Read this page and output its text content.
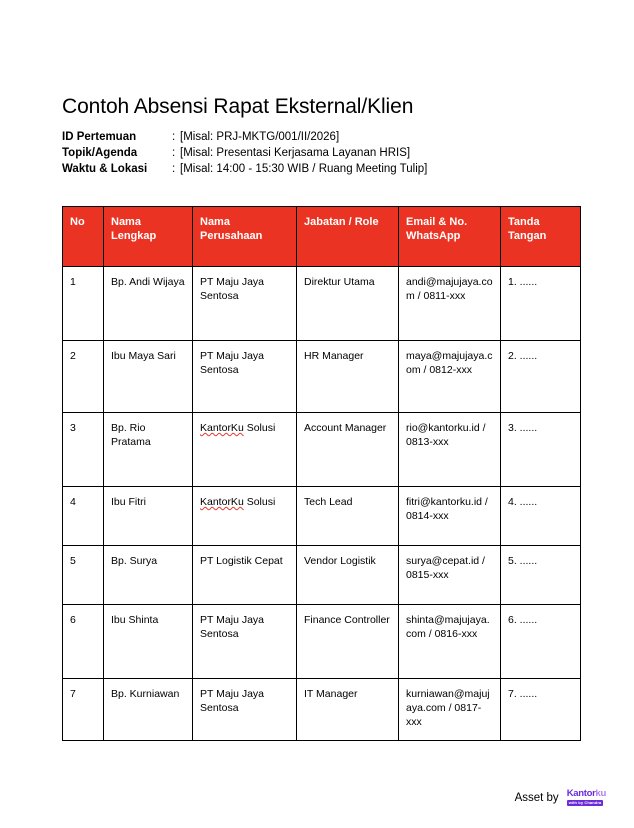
Contoh Absensi Rapat Eksternal/Klien
ID Pertemuan	: [Misal: PRJ-MKTG/001/II/2026]
Topik/Agenda	: [Misal: Presentasi Kerjasama Layanan HRIS]
Waktu & Lokasi	: [Misal: 14:00 - 15:30 WIB / Ruang Meeting Tulip]
No	Nama Lengkap	Nama Perusahaan	Jabatan / Role	Email & No. WhatsApp	Tanda Tangan
1	Bp. Andi Wijaya	PT Maju Jaya Sentosa	Direktur Utama	andi@majujaya.com / 0811-xxx	1. ......
2	Ibu Maya Sari	PT Maju Jaya Sentosa	HR Manager	maya@majujaya.com / 0812-xxx	2. ......
3	Bp. Rio Pratama	KantorKu Solusi	Account Manager	rio@kantorku.id / 0813-xxx	3. ......
4	Ibu Fitri	KantorKu Solusi	Tech Lead	fitri@kantorku.id / 0814-xxx	4. ......
5	Bp. Surya	PT Logistik Cepat	Vendor Logistik	surya@cepat.id / 0815-xxx	5. ......
6	Ibu Shinta	PT Maju Jaya Sentosa	Finance Controller	shinta@majujaya.com / 0816-xxx	6. ......
7	Bp. Kurniawan	PT Maju Jaya Sentosa	IT Manager	kurniawan@majujaya.com / 0817-xxx	7. ......
Asset by Kantorku
with by Chandra
